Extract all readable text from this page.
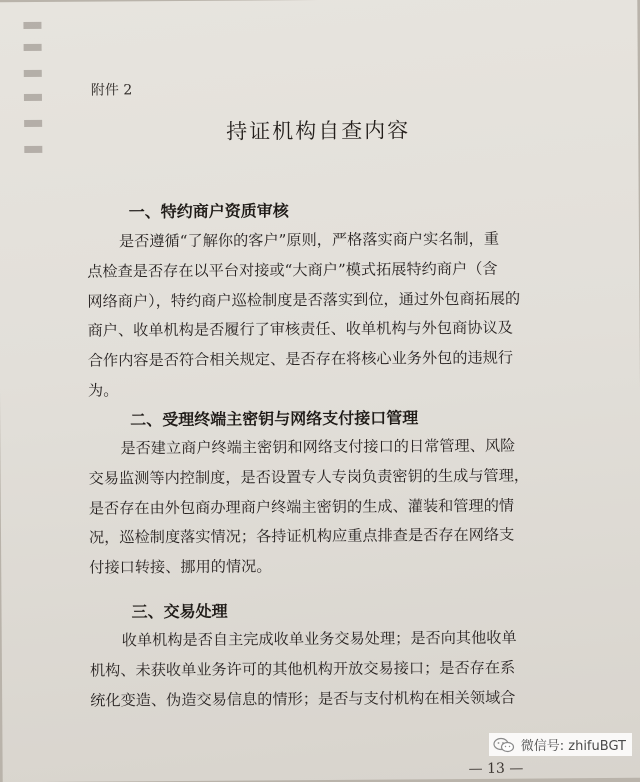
附件 2
持证机构自查内容
一、特约商户资质审核
是否遵循“了解你的客户”原则，严格落实商户实名制，重
点检查是否存在以平台对接或“大商户”模式拓展特约商户（含
网络商户），特约商户巡检制度是否落实到位，通过外包商拓展的
商户、收单机构是否履行了审核责任、收单机构与外包商协议及
合作内容是否符合相关规定、是否存在将核心业务外包的违规行
为。
二、受理终端主密钥与网络支付接口管理
是否建立商户终端主密钥和网络支付接口的日常管理、风险
交易监测等内控制度，是否设置专人专岗负责密钥的生成与管理，
是否存在由外包商办理商户终端主密钥的生成、灌装和管理的情
况，巡检制度落实情况；各持证机构应重点排查是否存在网络支
付接口转接、挪用的情况。
三、交易处理
收单机构是否自主完成收单业务交易处理；是否向其他收单
机构、未获收单业务许可的其他机构开放交易接口；是否存在系
统化变造、伪造交易信息的情形；是否与支付机构在相关领域合
— 13 —
微信号: zhifuBGT
